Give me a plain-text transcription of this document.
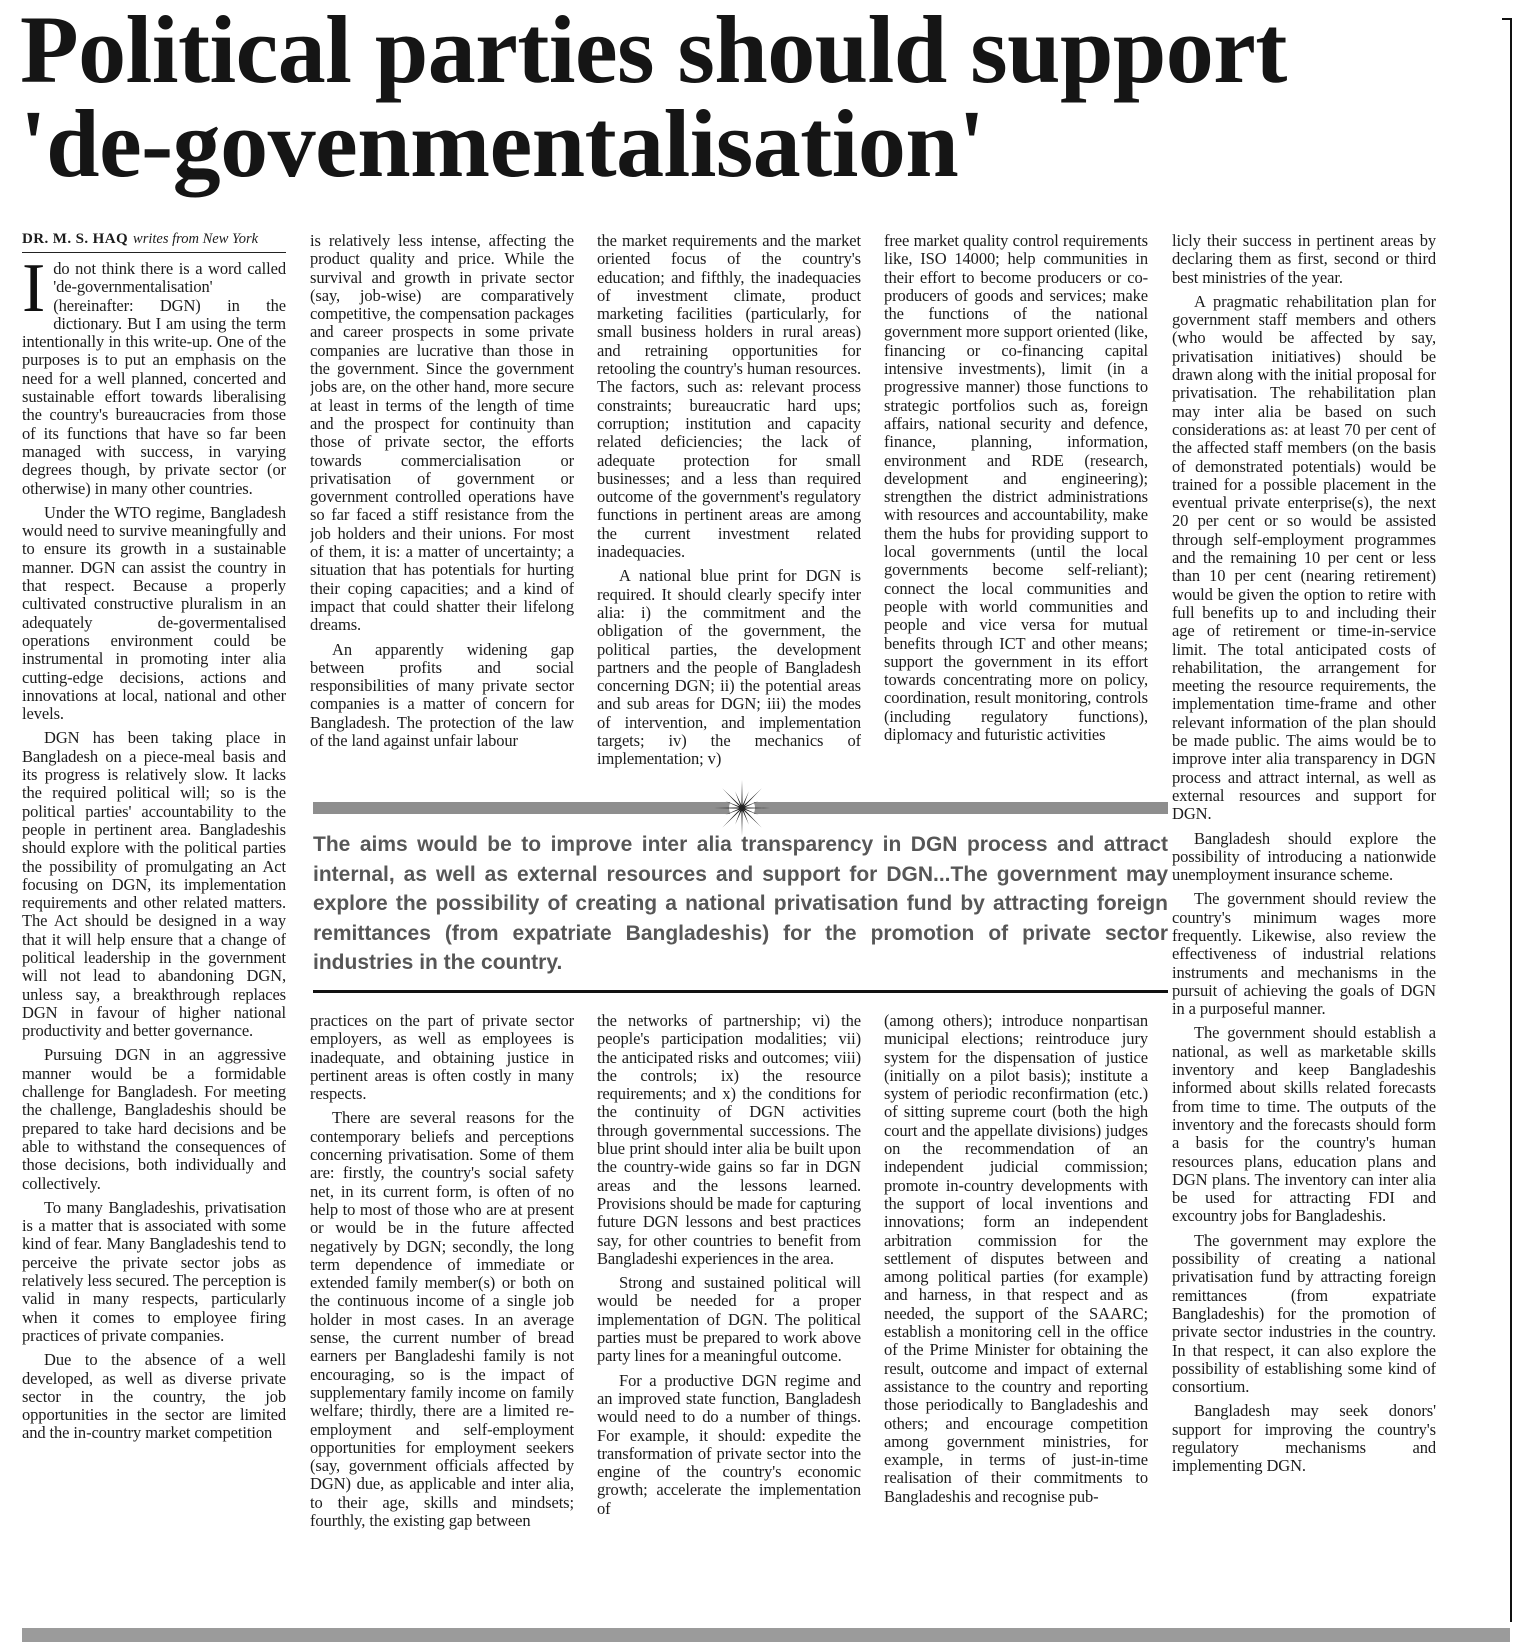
Political parties should support
'de-govenmentalisation'
DR. M. S. HAQ writes from New York

Ido not think there is a word called 'de-governmentalisation' (hereinafter: DGN) in the dictionary. But I am using the term intentionally in this write-up. One of the purposes is to put an emphasis on the need for a well planned, concerted and sustainable effort towards liberalising the country's bureaucracies from those of its functions that have so far been managed with success, in varying degrees though, by private sector (or otherwise) in many other countries.

Under the WTO regime, Bangladesh would need to survive meaningfully and to ensure its growth in a sustainable manner. DGN can assist the country in that respect. Because a properly cultivated constructive pluralism in an adequately de-govermentalised operations environment could be instrumental in promoting inter alia cutting-edge decisions, actions and innovations at local, national and other levels.

DGN has been taking place in Bangladesh on a piece-meal basis and its progress is relatively slow. It lacks the required political will; so is the political parties' accountability to the people in pertinent area. Bangladeshis should explore with the political parties the possibility of promulgating an Act focusing on DGN, its implementation requirements and other related matters. The Act should be designed in a way that it will help ensure that a change of political leadership in the government will not lead to abandoning DGN, unless say, a breakthrough replaces DGN in favour of higher national productivity and better governance.

Pursuing DGN in an aggressive manner would be a formidable challenge for Bangladesh. For meeting the challenge, Bangladeshis should be prepared to take hard decisions and be able to withstand the consequences of those decisions, both individually and collectively.

To many Bangladeshis, privatisation is a matter that is associated with some kind of fear. Many Bangladeshis tend to perceive the private sector jobs as relatively less secured. The perception is valid in many respects, particularly when it comes to employee firing practices of private companies.

Due to the absence of a well developed, as well as diverse private sector in the country, the job opportunities in the sector are limited and the in-country market competition

is relatively less intense, affecting the product quality and price. While the survival and growth in private sector (say, job-wise) are comparatively competitive, the compensation packages and career prospects in some private companies are lucrative than those in the government. Since the government jobs are, on the other hand, more secure at least in terms of the length of time and the prospect for continuity than those of private sector, the efforts towards commercialisation or privatisation of government or government controlled operations have so far faced a stiff resistance from the job holders and their unions. For most of them, it is: a matter of uncertainty; a situation that has potentials for hurting their coping capacities; and a kind of impact that could shatter their lifelong dreams.

An apparently widening gap between profits and social responsibilities of many private sector companies is a matter of concern for Bangladesh. The protection of the law of the land against unfair labour

the market requirements and the market oriented focus of the country's education; and fifthly, the inadequacies of investment climate, product marketing facilities (particularly, for small business holders in rural areas) and retraining opportunities for retooling the country's human resources. The factors, such as: relevant process constraints; bureaucratic hard ups; corruption; institution and capacity related deficiencies; the lack of adequate protection for small businesses; and a less than required outcome of the government's regulatory functions in pertinent areas are among the current investment related inadequacies.

A national blue print for DGN is required. It should clearly specify inter alia: i) the commitment and the obligation of the government, the political parties, the development partners and the people of Bangladesh concerning DGN; ii) the potential areas and sub areas for DGN; iii) the modes of intervention, and implementation targets; iv) the mechanics of implementation; v)

free market quality control requirements like, ISO 14000; help communities in their effort to become producers or co-producers of goods and services; make the functions of the national government more support oriented (like, financing or co-financing capital intensive investments), limit (in a progressive manner) those functions to strategic portfolios such as, foreign affairs, national security and defence, finance, planning, information, environment and RDE (research, development and engineering); strengthen the district administrations with resources and accountability, make them the hubs for providing support to local governments (until the local governments become self-reliant); connect the local communities and people with world communities and people and vice versa for mutual benefits through ICT and other means; support the government in its effort towards concentrating more on policy, coordination, result monitoring, controls (including regulatory functions), diplomacy and futuristic activities

The aims would be to improve inter alia transparency in DGN process and attract internal, as well as external resources and support for DGN...The government may explore the possibility of creating a national privatisation fund by attracting foreign remittances (from expatriate Bangladeshis) for the promotion of private sector industries in the country.

practices on the part of private sector employers, as well as employees is inadequate, and obtaining justice in pertinent areas is often costly in many respects.

There are several reasons for the contemporary beliefs and perceptions concerning privatisation. Some of them are: firstly, the country's social safety net, in its current form, is often of no help to most of those who are at present or would be in the future affected negatively by DGN; secondly, the long term dependence of immediate or extended family member(s) or both on the continuous income of a single job holder in most cases. In an average sense, the current number of bread earners per Bangladeshi family is not encouraging, so is the impact of supplementary family income on family welfare; thirdly, there are a limited re-employment and self-employment opportunities for employment seekers (say, government officials affected by DGN) due, as applicable and inter alia, to their age, skills and mindsets; fourthly, the existing gap between

the networks of partnership; vi) the people's participation modalities; vii) the anticipated risks and outcomes; viii) the controls; ix) the resource requirements; and x) the conditions for the continuity of DGN activities through governmental successions. The blue print should inter alia be built upon the country-wide gains so far in DGN areas and the lessons learned. Provisions should be made for capturing future DGN lessons and best practices say, for other countries to benefit from Bangladeshi experiences in the area.

Strong and sustained political will would be needed for a proper implementation of DGN. The political parties must be prepared to work above party lines for a meaningful outcome.

For a productive DGN regime and an improved state function, Bangladesh would need to do a number of things. For example, it should: expedite the transformation of private sector into the engine of the country's economic growth; accelerate the implementation of

(among others); introduce nonpartisan municipal elections; reintroduce jury system for the dispensation of justice (initially on a pilot basis); institute a system of periodic reconfirmation (etc.) of sitting supreme court (both the high court and the appellate divisions) judges on the recommendation of an independent judicial commission; promote in-country developments with the support of local inventions and innovations; form an independent arbitration commission for the settlement of disputes between and among political parties (for example) and harness, in that respect and as needed, the support of the SAARC; establish a monitoring cell in the office of the Prime Minister for obtaining the result, outcome and impact of external assistance to the country and reporting those periodically to Bangladeshis and others; and encourage competition among government ministries, for example, in terms of just-in-time realisation of their commitments to Bangladeshis and recognise pub-

licly their success in pertinent areas by declaring them as first, second or third best ministries of the year.

A pragmatic rehabilitation plan for government staff members and others (who would be affected by say, privatisation initiatives) should be drawn along with the initial proposal for privatisation. The rehabilitation plan may inter alia be based on such considerations as: at least 70 per cent of the affected staff members (on the basis of demonstrated potentials) would be trained for a possible placement in the eventual private enterprise(s), the next 20 per cent or so would be assisted through self-employment programmes and the remaining 10 per cent or less than 10 per cent (nearing retirement) would be given the option to retire with full benefits up to and including their age of retirement or time-in-service limit. The total anticipated costs of rehabilitation, the arrangement for meeting the resource requirements, the implementation time-frame and other relevant information of the plan should be made public. The aims would be to improve inter alia transparency in DGN process and attract internal, as well as external resources and support for DGN.

Bangladesh should explore the possibility of introducing a nationwide unemployment insurance scheme.

The government should review the country's minimum wages more frequently. Likewise, also review the effectiveness of industrial relations instruments and mechanisms in the pursuit of achieving the goals of DGN in a purposeful manner.

The government should establish a national, as well as marketable skills inventory and keep Bangladeshis informed about skills related forecasts from time to time. The outputs of the inventory and the forecasts should form a basis for the country's human resources plans, education plans and DGN plans. The inventory can inter alia be used for attracting FDI and excountry jobs for Bangladeshis.

The government may explore the possibility of creating a national privatisation fund by attracting foreign remittances (from expatriate Bangladeshis) for the promotion of private sector industries in the country. In that respect, it can also explore the possibility of establishing some kind of consortium.

Bangladesh may seek donors' support for improving the country's regulatory mechanisms and implementing DGN.
